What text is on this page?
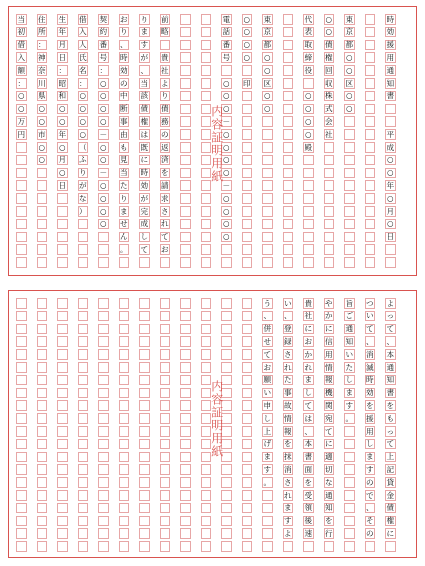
当
初
借
入
額
：
○
○
万
円
住
所
：
神
奈
川
県
○
○
市
○
○
生
年
月
日
：
昭
和
○
○
年
○
月
○
日
借
入
人
氏
名
：
○
○
○
○
（
ふ
り
が
な
）
契
約
番
号
：
○
○
○
○
－
○
○
－
○
○
○
○
お
り
、
時
効
の
中
断
事
由
も
見
当
た
り
ま
せ
ん
。
り
ま
す
が
、
当
該
債
権
は
既
に
時
効
が
完
成
し
て
前
略
貴
社
よ
り
債
務
の
返
済
を
請
求
さ
れ
て
お
電
話
番
号
○
○
○
－
○
○
○
○
－
○
○
○
○
○
○
○
○
印
東
京
都
○
○
区
○
○
代
表
取
締
役
○
○
○
○
殿
○
○
債
権
回
収
株
式
会
社
東
京
都
○
○
区
○
○
時
効
援
用
通
知
書
平
成
○
○
年
○
月
○
日
内容証明用紙
う
、
併
せ
て
お
願
い
申
し
上
げ
ま
す
。
い
、
登
録
さ
れ
た
事
故
情
報
を
抹
消
さ
れ
ま
す
よ
貴
社
に
お
か
れ
ま
し
て
は
、
本
書
面
を
受
領
後
速
や
か
に
信
用
情
報
機
関
宛
て
に
適
切
な
通
知
を
行
旨
ご
通
知
い
た
し
ま
す
。
つ
い
て
、
消
滅
時
効
を
援
用
し
ま
す
の
で
、
そ
の
よ
っ
て
、
本
通
知
書
を
も
っ
て
上
記
貸
金
債
権
に
内容証明用紙
